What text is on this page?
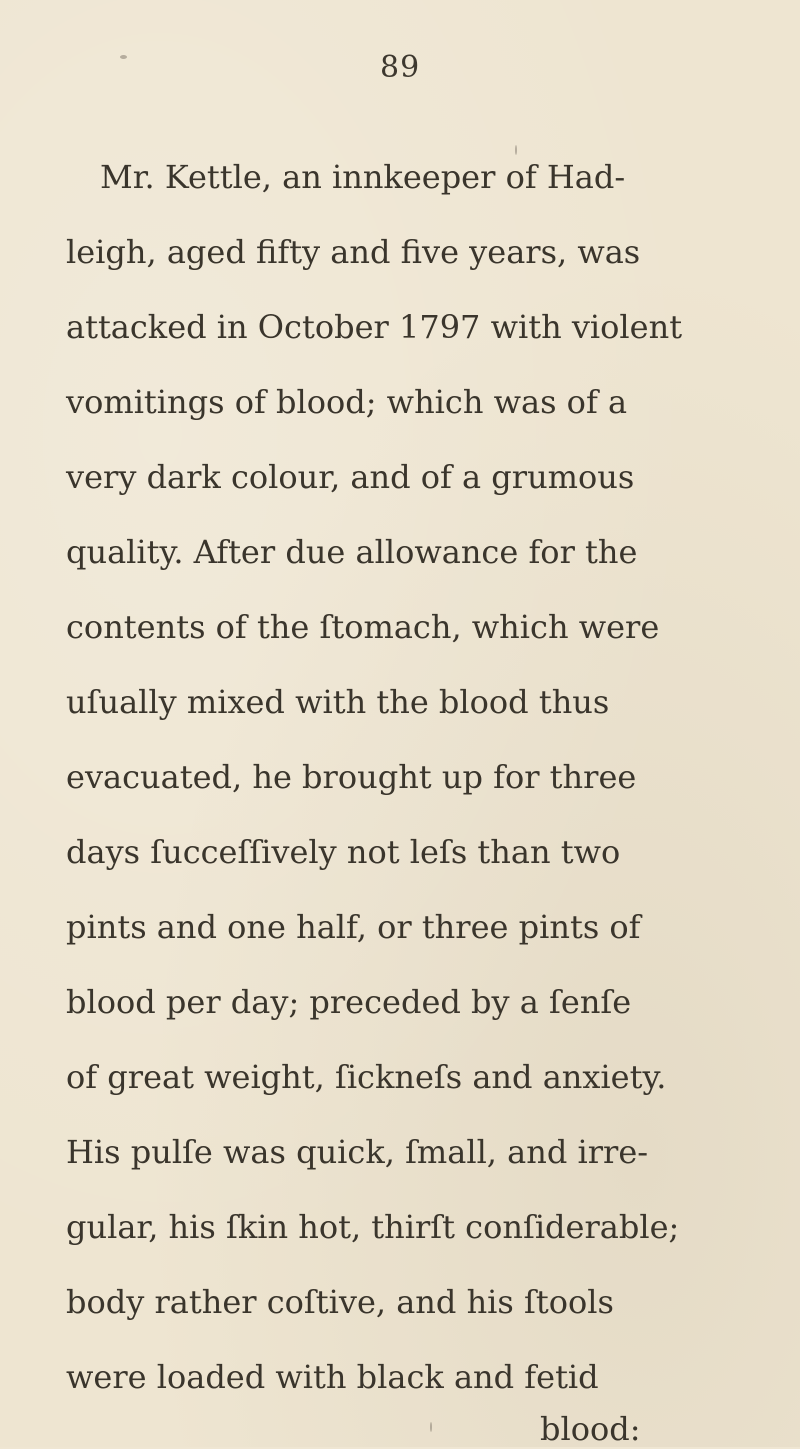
89
Mr. Kettle, an innkeeper of Had-
leigh, aged fifty and five years, was
attacked in October 1797 with violent
vomitings of blood; which was of a
very dark colour, and of a grumous
quality. After due allowance for the
contents of the ſtomach, which were
uſually mixed with the blood thus
evacuated, he brought up for three
days ſucceſſively not leſs than two
pints and one half, or three pints of
blood per day; preceded by a ſenſe
of great weight, ſickneſs and anxiety.
His pulſe was quick, ſmall, and irre-
gular, his ſkin hot, thirſt conſiderable;
body rather coſtive, and his ſtools
were loaded with black and fetid
blood:
